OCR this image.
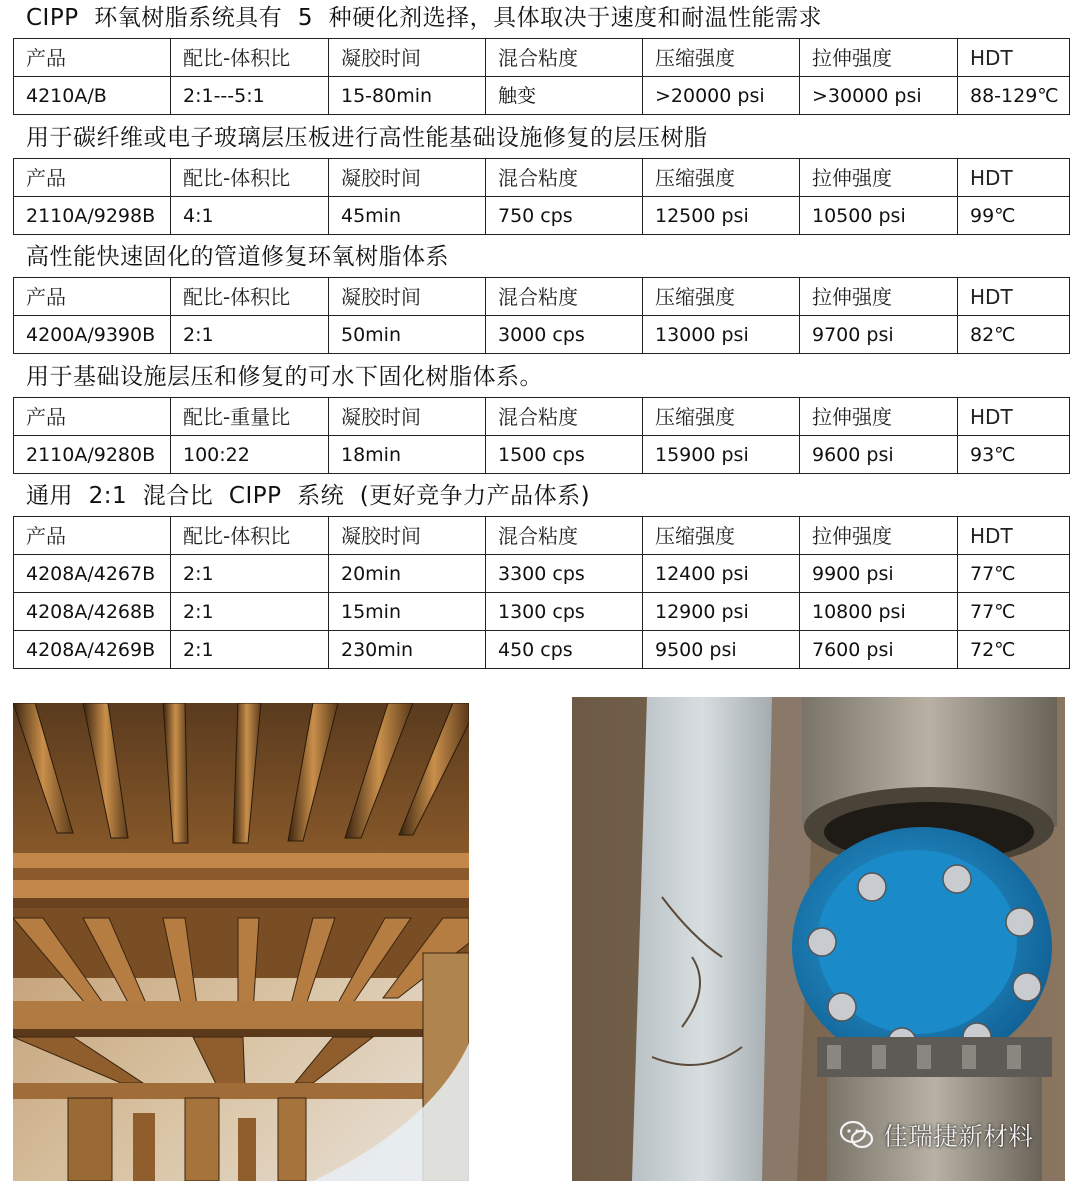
CIPP  环氧树脂系统具有  5  种硬化剂选择，具体取决于速度和耐温性能需求
用于碳纤维或电子玻璃层压板进行高性能基础设施修复的层压树脂
高性能快速固化的管道修复环氧树脂体系
用于基础设施层压和修复的可水下固化树脂体系。
通用  2:1  混合比  CIPP  系统  (更好竞争力产品体系)
产品	配比-体积比	凝胶时间	混合粘度	压缩强度	拉伸强度	HDT
4210A/B	2:1---5:1	15-80min	触变	>20000 psi	>30000 psi	88-129℃
产品	配比-体积比	凝胶时间	混合粘度	压缩强度	拉伸强度	HDT
2110A/9298B	4:1	45min	750 cps	12500 psi	10500 psi	99℃
产品	配比-体积比	凝胶时间	混合粘度	压缩强度	拉伸强度	HDT
4200A/9390B	2:1	50min	3000 cps	13000 psi	9700 psi	82℃
产品	配比-重量比	凝胶时间	混合粘度	压缩强度	拉伸强度	HDT
2110A/9280B	100:22	18min	1500 cps	15900 psi	9600 psi	93℃
产品	配比-体积比	凝胶时间	混合粘度	压缩强度	拉伸强度	HDT
4208A/4267B	2:1	20min	3300 cps	12400 psi	9900 psi	77℃
4208A/4268B	2:1	15min	1300 cps	12900 psi	10800 psi	77℃
4208A/4269B	2:1	230min	450 cps	9500 psi	7600 psi	72℃
佳瑞捷新材料
